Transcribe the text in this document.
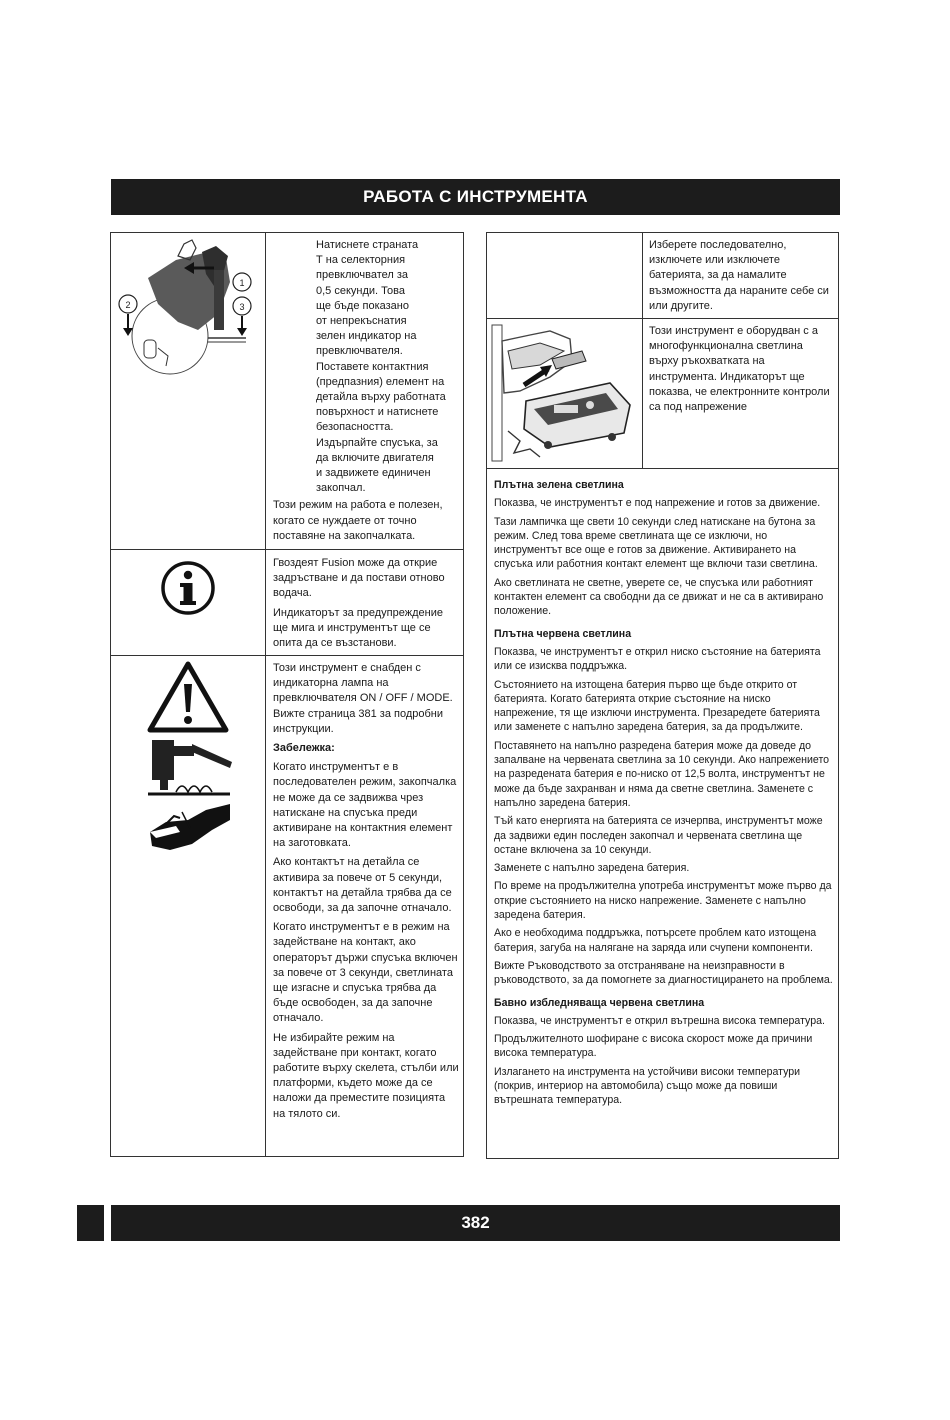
РАБОТА С ИНСТРУМЕНТА
1
2	3
Натиснете страната
Т на селекторния
превключвател за
0,5 секунди. Това
ще бъде показано
от непрекъснатия
зелен индикатор на
превключвателя.
Поставете контактния
(предпазния) елемент на
детайла върху работната
повърхност и натиснете
безопасността.
Издърпайте спусъка, за
да включите двигателя
и задвижете единичен
закопчал.

Този режим на работа е полезен, когато се нуждаете от точно поставяне на закопчалката.

Гвоздеят Fusion може да открие задръстване и да постави отново водача.

Индикаторът за предупреждение ще мига и инструментът ще се опита да се възстанови.

Този инструмент е снабден с индикаторна лампа на превключвателя ON / OFF / MODE. Вижте страница 381 за подробни инструкции.

Забележка:

Когато инструментът е в последователен режим, закопчалка не може да се задвижва чрез натискане на спусъка преди активиране на контактния елемент на заготовката.

Ако контактът на детайла се активира за повече от 5 секунди, контактът на детайла трябва да се освободи, за да започне отначало.

Когато инструментът е в режим на задействане на контакт, ако операторът държи спусъка включен за повече от 3 секунди, светлината ще изгасне и спусъка трябва да бъде освободен, за да започне отначало.

Не избирайте режим на задействане при контакт, когато работите върху скелета, стълби или платформи, където може да се наложи да преместите позицията на тялото си.

Изберете последователно, изключете или изключете батерията, за да намалите възможността да нараните себе си или другите.

Този инструмент е оборудван с а многофункционална светлина върху ръкохватката на инструмента. Индикаторът ще показва, че електронните контроли са под напрежение

Плътна зелена светлина

Показва, че инструментът е под напрежение и готов за движение.

Тази лампичка ще свети 10 секунди след натискане на бутона за режим. След това време светлината ще се изключи, но инструментът все още е готов за движение. Активирането на спусъка или работния контакт елемент ще включи тази светлина.

Ако светлината не светне, уверете се, че спусъка или работният контактен елемент са свободни да се движат и не са в активирано положение.

Плътна червена светлина

Показва, че инструментът е открил ниско състояние на батерията или се изисква поддръжка.

Състоянието на изтощена батерия първо ще бъде открито от батерията. Когато батерията открие състояние на ниско напрежение, тя ще изключи инструмента. Презаредете батерията или заменете с напълно заредена батерия, за да продължите.

Поставянето на напълно разредена батерия може да доведе до запалване на червената светлина за 10 секунди. Ако напрежението на разредената батерия е по-ниско от 12,5 волта, инструментът не може да бъде захранван и няма да светне светлина. Заменете с напълно заредена батерия.

Тъй като енергията на батерията се изчерпва, инструментът може да задвижи един последен закопчал и червената светлина ще остане включена за 10 секунди.

Заменете с напълно заредена батерия.

По време на продължителна употреба инструментът може първо да открие състоянието на ниско напрежение. Заменете с напълно заредена батерия.

Ако е необходима поддръжка, потърсете проблем като изтощена батерия, загуба на налягане на заряда или счупени компоненти.

Вижте Ръководството за отстраняване на неизправности в ръководството, за да помогнете за диагностицирането на проблема.

Бавно избледняваща червена светлина

Показва, че инструментът е открил вътрешна висока температура.

Продължителното шофиране с висока скорост може да причини висока температура.

Излагането на инструмента на устойчиви високи температури (покрив, интериор на автомобила) също може да повиши вътрешната температура.

382
